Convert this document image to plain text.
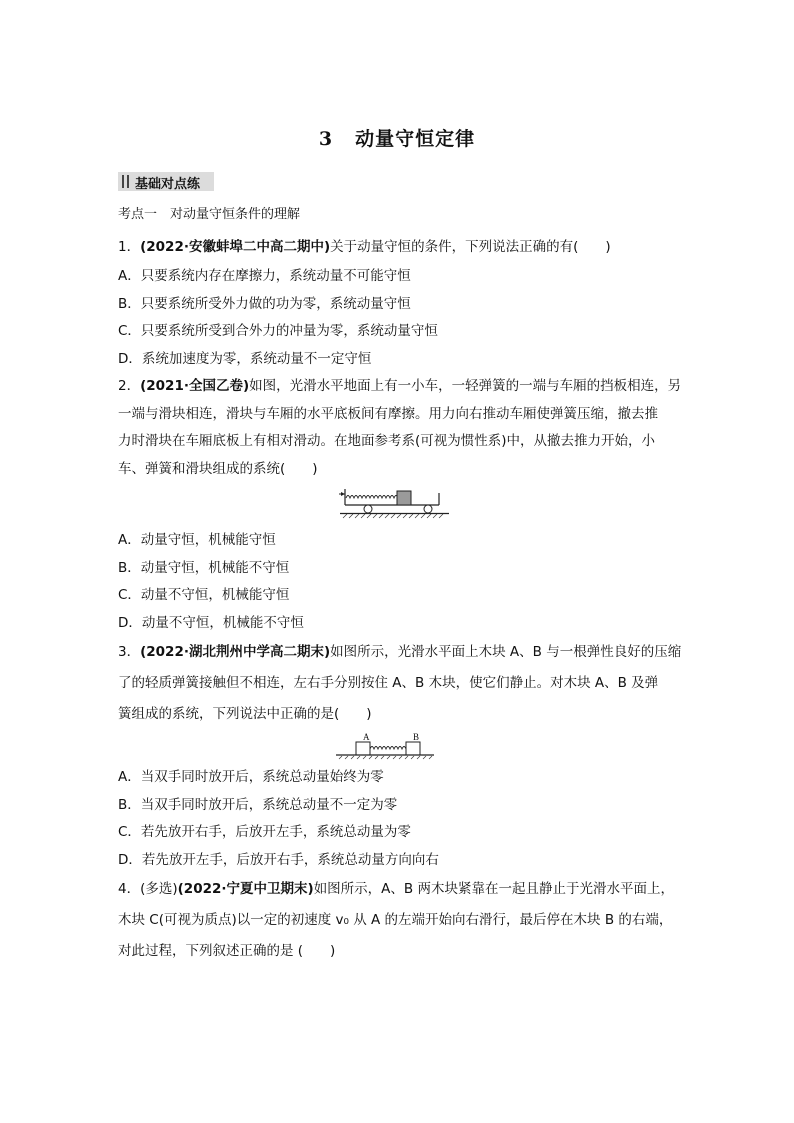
3 动量守恒定律
基础对点练
考点一　对动量守恒条件的理解
1．(2022·安徽蚌埠二中高二期中)关于动量守恒的条件，下列说法正确的有(　　)
A．只要系统内存在摩擦力，系统动量不可能守恒
B．只要系统所受外力做的功为零，系统动量守恒
C．只要系统所受到合外力的冲量为零，系统动量守恒
D．系统加速度为零，系统动量不一定守恒
2．(2021·全国乙卷)如图，光滑水平地面上有一小车，一轻弹簧的一端与车厢的挡板相连，另
一端与滑块相连，滑块与车厢的水平底板间有摩擦。用力向右推动车厢使弹簧压缩，撤去推
力时滑块在车厢底板上有相对滑动。在地面参考系(可视为惯性系)中，从撤去推力开始，小
车、弹簧和滑块组成的系统(　　)
A．动量守恒，机械能守恒
B．动量守恒，机械能不守恒
C．动量不守恒，机械能守恒
D．动量不守恒，机械能不守恒
3．(2022·湖北荆州中学高二期末)如图所示，光滑水平面上木块 A、B 与一根弹性良好的压缩
了的轻质弹簧接触但不相连，左右手分别按住 A、B 木块，使它们静止。对木块 A、B 及弹
簧组成的系统，下列说法中正确的是(　　)
A	B
A．当双手同时放开后，系统总动量始终为零
B．当双手同时放开后，系统总动量不一定为零
C．若先放开右手，后放开左手，系统总动量为零
D．若先放开左手，后放开右手，系统总动量方向向右
4．(多选)(2022·宁夏中卫期末)如图所示，A、B 两木块紧靠在一起且静止于光滑水平面上，
木块 C(可视为质点)以一定的初速度 v₀ 从 A 的左端开始向右滑行，最后停在木块 B 的右端，
对此过程，下列叙述正确的是 (　　)
